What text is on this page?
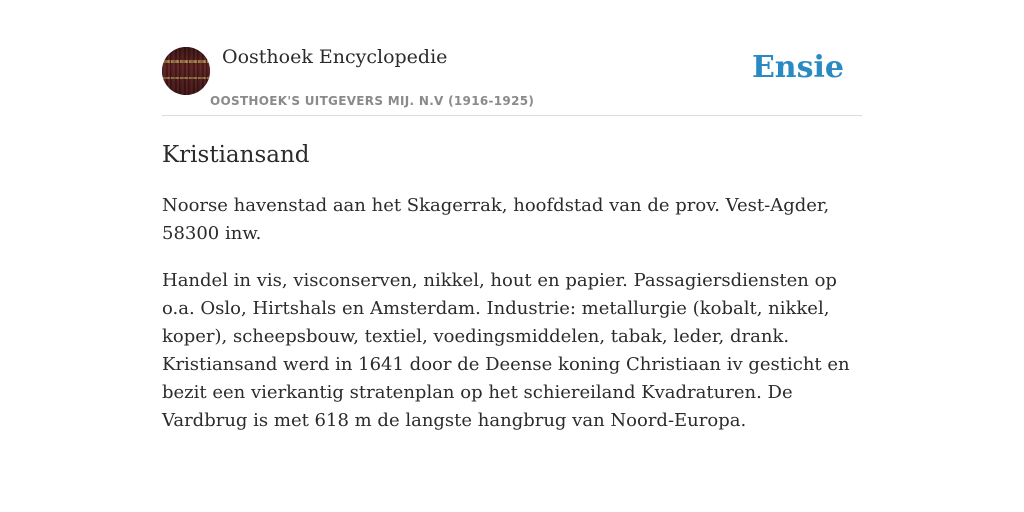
Oosthoek Encyclopedie
OOSTHOEK'S UITGEVERS MIJ. N.V (1916-1925)
Ensie
Kristiansand

Noorse havenstad aan het Skagerrak, hoofdstad van de prov. Vest-Agder, 58300 inw.

Handel in vis, visconserven, nikkel, hout en papier. Passagiersdiensten op o.a. Oslo, Hirtshals en Amsterdam. Industrie: metallurgie (kobalt, nikkel, koper), scheepsbouw, textiel, voedingsmiddelen, tabak, leder, drank. Kristiansand werd in 1641 door de Deense koning Christiaan iv gesticht en bezit een vierkantig stratenplan op het schiereiland Kvadraturen. De Vardbrug is met 618 m de langste hangbrug van Noord-Europa.
